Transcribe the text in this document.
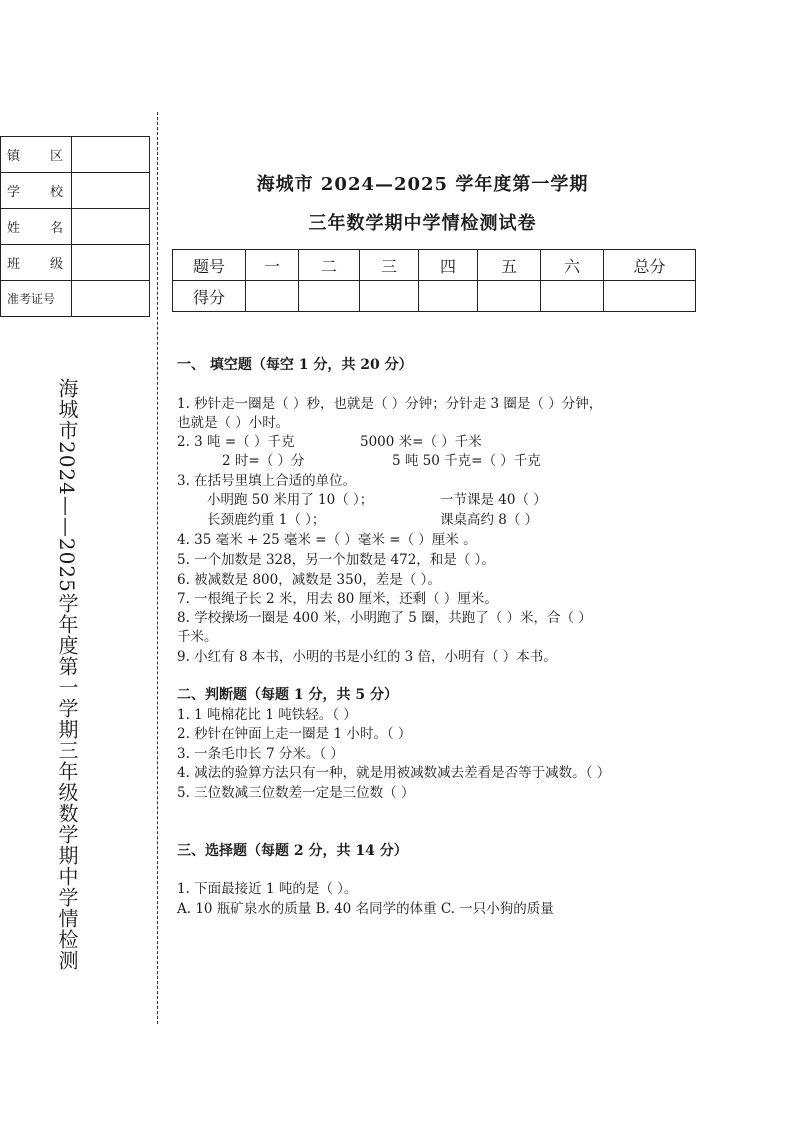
镇 区	

学 校	

姓 名	

班 级	

准考证号	
海城市2024——2025学年度第一学期三年级数学期中学情检测
海城市 2024—2025 学年度第一学期
三年数学期中学情检测试卷
题号	一	二	三	四	五	六	总分
得分							
一、 填空题（每空 1 分，共 20 分）
1. 秒针走一圈是（ ）秒，也就是（ ）分钟；分针走 3 圈是（ ）分钟，
也就是（ ）小时。
2. 3 吨 =（ ）千克	5000 米=（ ）千米
2 时=（ ）分	5 吨 50 千克=（ ）千克
3. 在括号里填上合适的单位。
小明跑 50 米用了 10（ ）；	一节课是 40（ ）
长颈鹿约重 1（ ）；	课桌高约 8（ ）
4. 35 毫米 + 25 毫米 =（ ）毫米 =（ ）厘米 。
5. 一个加数是 328，另一个加数是 472，和是（ ）。
6. 被减数是 800，减数是 350，差是（ ）。
7. 一根绳子长 2 米，用去 80 厘米，还剩（ ）厘米。
8. 学校操场一圈是 400 米，小明跑了 5 圈，共跑了（ ）米，合（ ）
千米。
9. 小红有 8 本书，小明的书是小红的 3 倍，小明有（ ）本书。
二、判断题（每题 1 分，共 5 分）
1. 1 吨棉花比 1 吨铁轻。（ ）
2. 秒针在钟面上走一圈是 1 小时。（ ）
3. 一条毛巾长 7 分米。（ ）
4. 减法的验算方法只有一种，就是用被减数减去差看是否等于减数。（ ）
5. 三位数减三位数差一定是三位数（ ）
三、选择题（每题 2 分，共 14 分）
1. 下面最接近 1 吨的是（ ）。
A. 10 瓶矿泉水的质量 B. 40 名同学的体重 C. 一只小狗的质量
